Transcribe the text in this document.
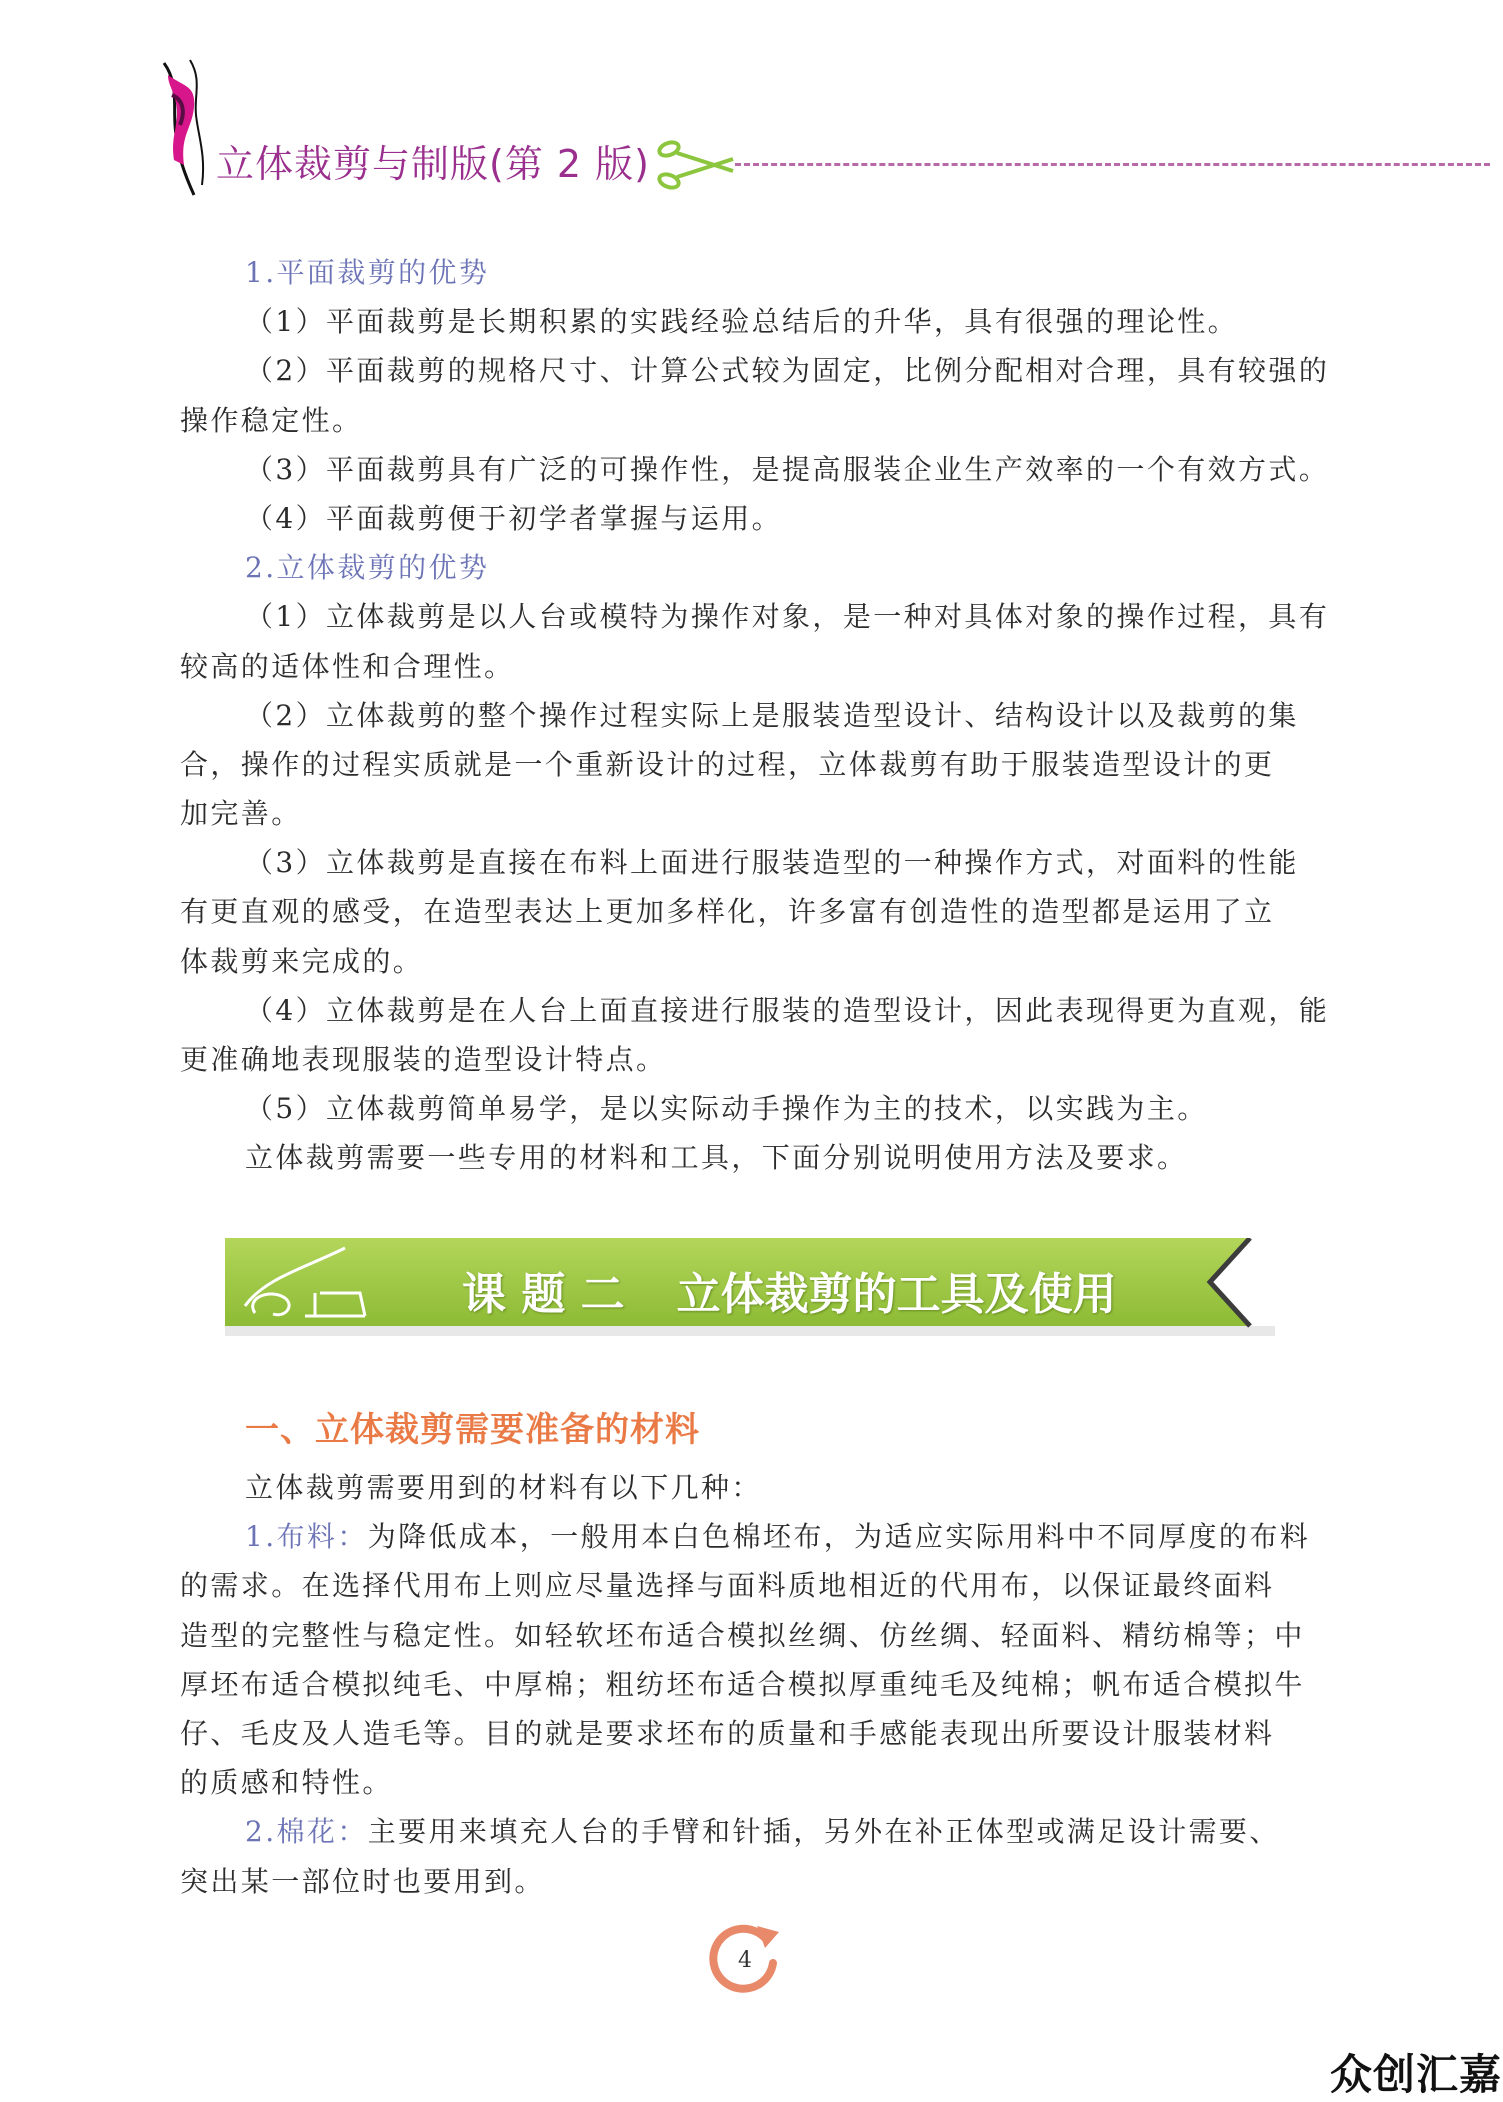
立体裁剪与制版(第 2 版)
1.平面裁剪的优势
（1）平面裁剪是长期积累的实践经验总结后的升华，具有很强的理论性。
（2）平面裁剪的规格尺寸、计算公式较为固定，比例分配相对合理，具有较强的
操作稳定性。
（3）平面裁剪具有广泛的可操作性，是提高服装企业生产效率的一个有效方式。
（4）平面裁剪便于初学者掌握与运用。
2.立体裁剪的优势
（1）立体裁剪是以人台或模特为操作对象，是一种对具体对象的操作过程，具有
较高的适体性和合理性。
（2）立体裁剪的整个操作过程实际上是服装造型设计、结构设计以及裁剪的集
合，操作的过程实质就是一个重新设计的过程，立体裁剪有助于服装造型设计的更
加完善。
（3）立体裁剪是直接在布料上面进行服装造型的一种操作方式，对面料的性能
有更直观的感受，在造型表达上更加多样化，许多富有创造性的造型都是运用了立
体裁剪来完成的。
（4）立体裁剪是在人台上面直接进行服装的造型设计，因此表现得更为直观，能
更准确地表现服装的造型设计特点。
（5）立体裁剪简单易学，是以实际动手操作为主的技术，以实践为主。
立体裁剪需要一些专用的材料和工具，下面分别说明使用方法及要求。
课 题 二 立体裁剪的工具及使用
一、立体裁剪需要准备的材料
立体裁剪需要用到的材料有以下几种：
1.布料：为降低成本，一般用本白色棉坯布，为适应实际用料中不同厚度的布料
的需求。在选择代用布上则应尽量选择与面料质地相近的代用布，以保证最终面料
造型的完整性与稳定性。如轻软坯布适合模拟丝绸、仿丝绸、轻面料、精纺棉等；中
厚坯布适合模拟纯毛、中厚棉；粗纺坯布适合模拟厚重纯毛及纯棉；帆布适合模拟牛
仔、毛皮及人造毛等。目的就是要求坯布的质量和手感能表现出所要设计服装材料
的质感和特性。
2.棉花：主要用来填充人台的手臂和针插，另外在补正体型或满足设计需要、
突出某一部位时也要用到。
4
众创汇嘉
